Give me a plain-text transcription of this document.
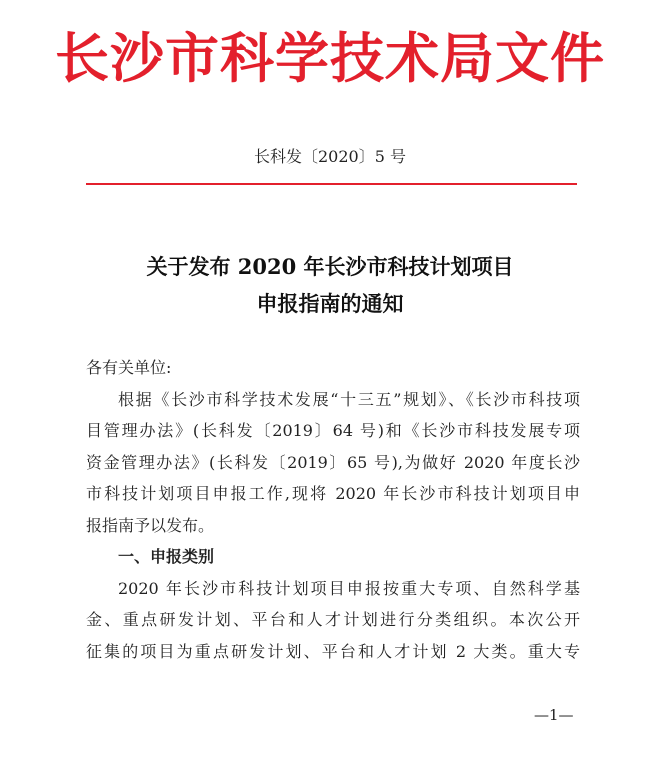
长沙市科学技术局文件
长科发〔2020〕5 号
关于发布 2020 年长沙市科技计划项目
申报指南的通知
各有关单位:
根据《长沙市科学技术发展“十三五”规划》、《长沙市科技项
目管理办法》(长科发〔2019〕64 号)和《长沙市科技发展专项
资金管理办法》(长科发〔2019〕65 号),为做好 2020 年度长沙
市科技计划项目申报工作,现将 2020 年长沙市科技计划项目申
报指南予以发布。
一、申报类别
2020 年长沙市科技计划项目申报按重大专项、自然科学基
金、重点研发计划、平台和人才计划进行分类组织。本次公开
征集的项目为重点研发计划、平台和人才计划 2 大类。重大专
—1—
